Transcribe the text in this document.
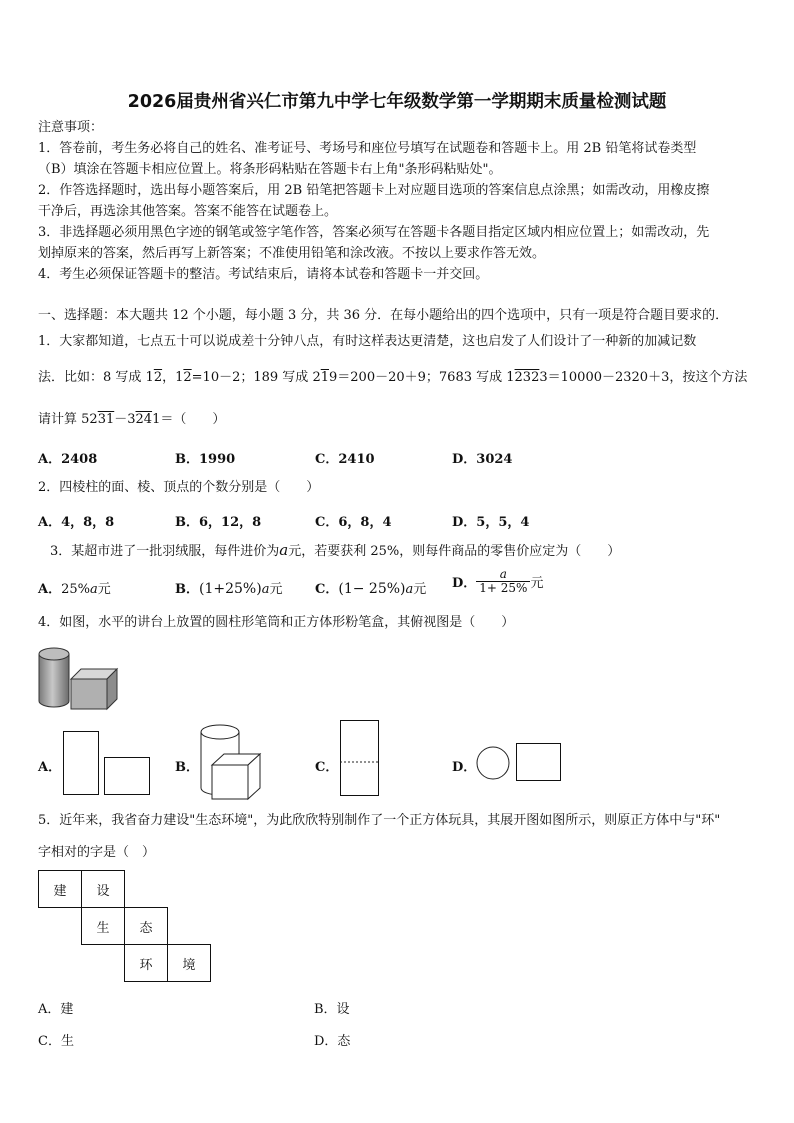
2026届贵州省兴仁市第九中学七年级数学第一学期期末质量检测试题
注意事项：
1．答卷前，考生务必将自己的姓名、准考证号、考场号和座位号填写在试题卷和答题卡上。用 2B 铅笔将试卷类型
（B）填涂在答题卡相应位置上。将条形码粘贴在答题卡右上角"条形码粘贴处"。
2．作答选择题时，选出每小题答案后，用 2B 铅笔把答题卡上对应题目选项的答案信息点涂黑；如需改动，用橡皮擦
干净后，再选涂其他答案。答案不能答在试题卷上。
3．非选择题必须用黑色字迹的钢笔或签字笔作答，答案必须写在答题卡各题目指定区域内相应位置上；如需改动，先
划掉原来的答案，然后再写上新答案；不准使用铅笔和涂改液。不按以上要求作答无效。
4．考生必须保证答题卡的整洁。考试结束后，请将本试卷和答题卡一并交回。
一、选择题：本大题共 12 个小题，每小题 3 分，共 36 分．在每小题给出的四个选项中，只有一项是符合题目要求的．
1．大家都知道，七点五十可以说成差十分钟八点，有时这样表达更清楚，这也启发了人们设计了一种新的加减记数
法．比如：8 写成 12，12=10－2；189 写成 219＝200－20＋9；7683 写成 12323＝10000－2320＋3，按这个方法
请计算 5231－3241＝（　　）
A．2408	B．1990	C．2410	D．3024
2．四棱柱的面、棱、顶点的个数分别是（　　）
A．4，8，8	B．6，12，8	C．6，8，4	D．5，5，4
3．某超市进了一批羽绒服，每件进价为a元，若要获利 25%，则每件商品的零售价应定为（　　）
A．25%a元	B．(1+25%)a元	C．(1− 25%)a元 D． $\frac{a}{1+ 25\%}$ 元
4．如图，水平的讲台上放置的圆柱形笔筒和正方体形粉笔盒，其俯视图是（　　）
A．	B．	C．	D．
5．近年来，我省奋力建设"生态环境"，为此欣欣特别制作了一个正方体玩具，其展开图如图所示，则原正方体中与"环"
字相对的字是（　）
建	设
生	态
环	境
A．建	B．设
C．生	D．态
